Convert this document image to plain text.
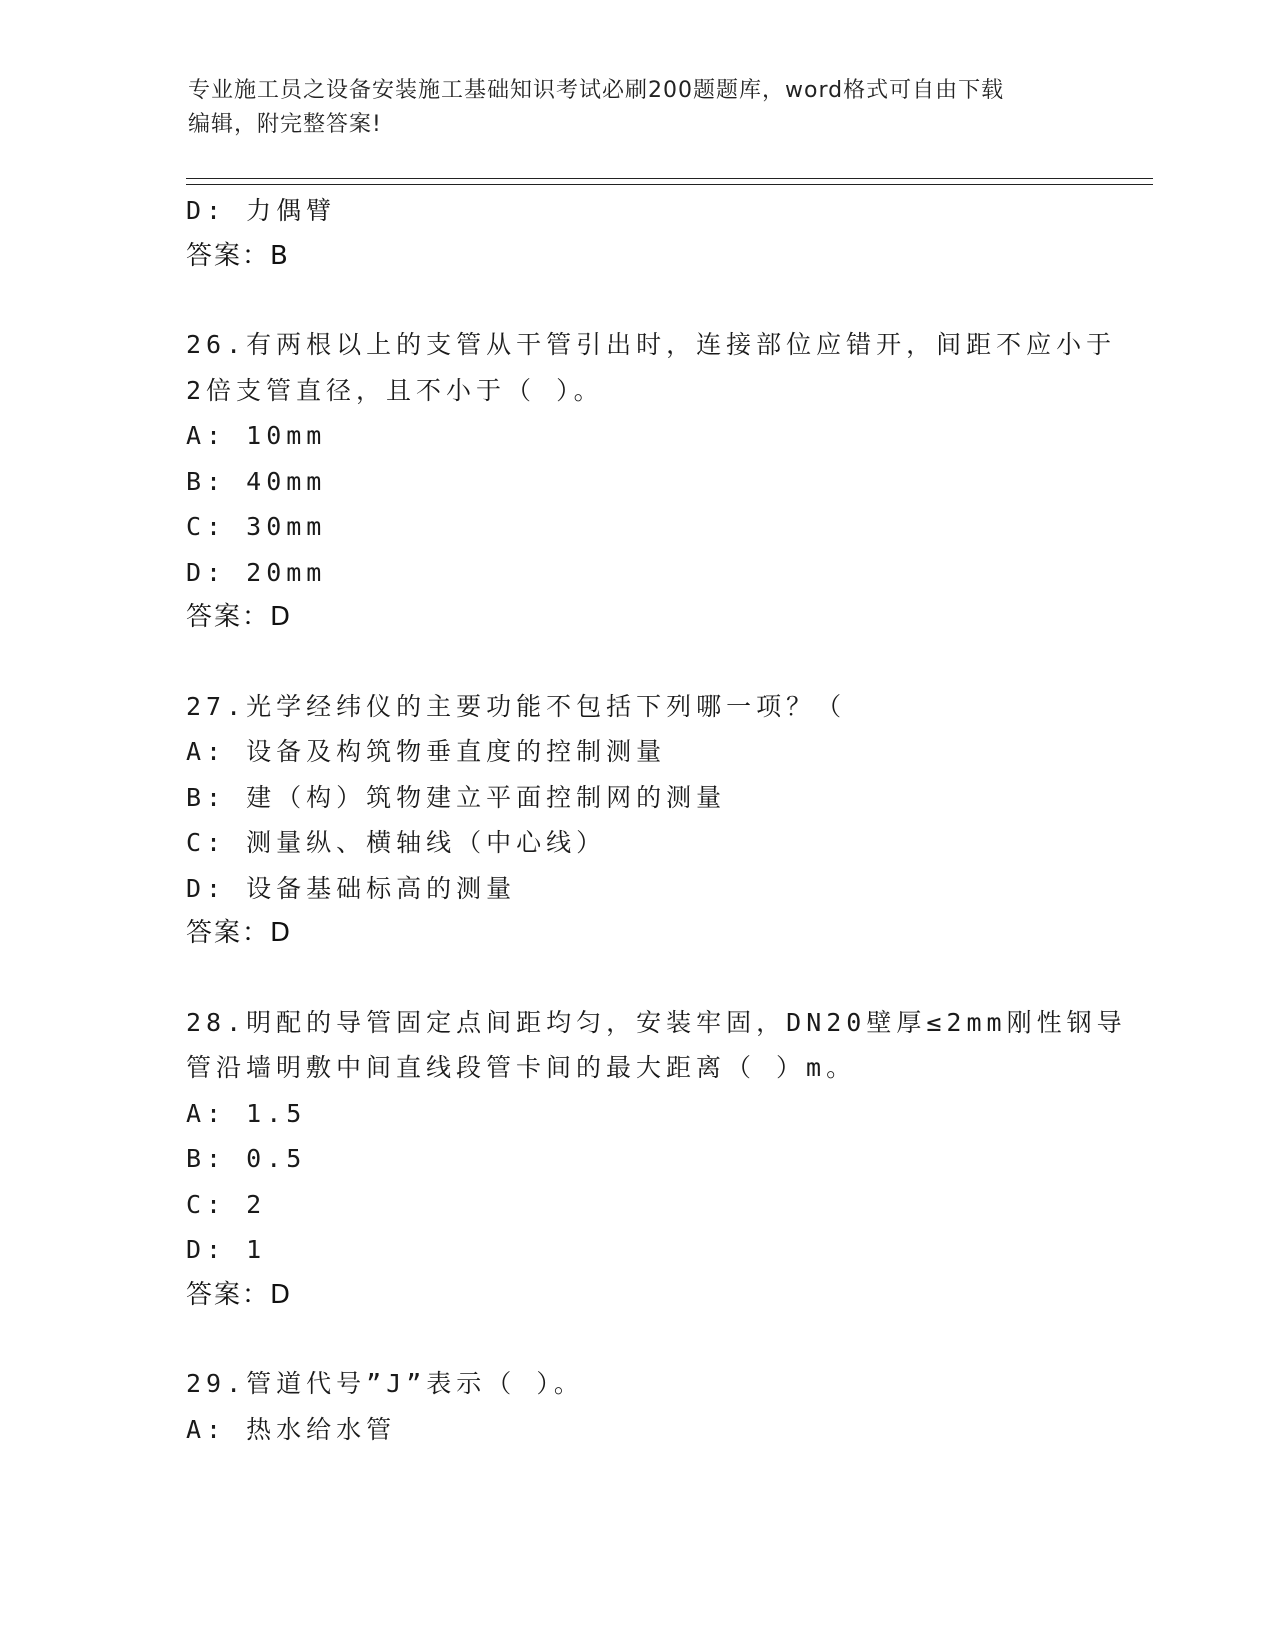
专业施工员之设备安装施工基础知识考试必刷200题题库，word格式可自由下载
编辑，附完整答案!
D: 力偶臂
答案：B
26.有两根以上的支管从干管引出时，连接部位应错开，间距不应小于
2倍支管直径，且不小于（ ）。
A: 10mm
B: 40mm
C: 30mm
D: 20mm
答案：D
27.光学经纬仪的主要功能不包括下列哪一项？（
A: 设备及构筑物垂直度的控制测量
B: 建（构）筑物建立平面控制网的测量
C: 测量纵、横轴线（中心线）
D: 设备基础标高的测量
答案：D
28.明配的导管固定点间距均匀，安装牢固，DN20壁厚≤2mm刚性钢导
管沿墙明敷中间直线段管卡间的最大距离（ ）m。
A: 1.5
B: 0.5
C: 2
D: 1
答案：D
29.管道代号”J”表示（ ）。
A: 热水给水管
